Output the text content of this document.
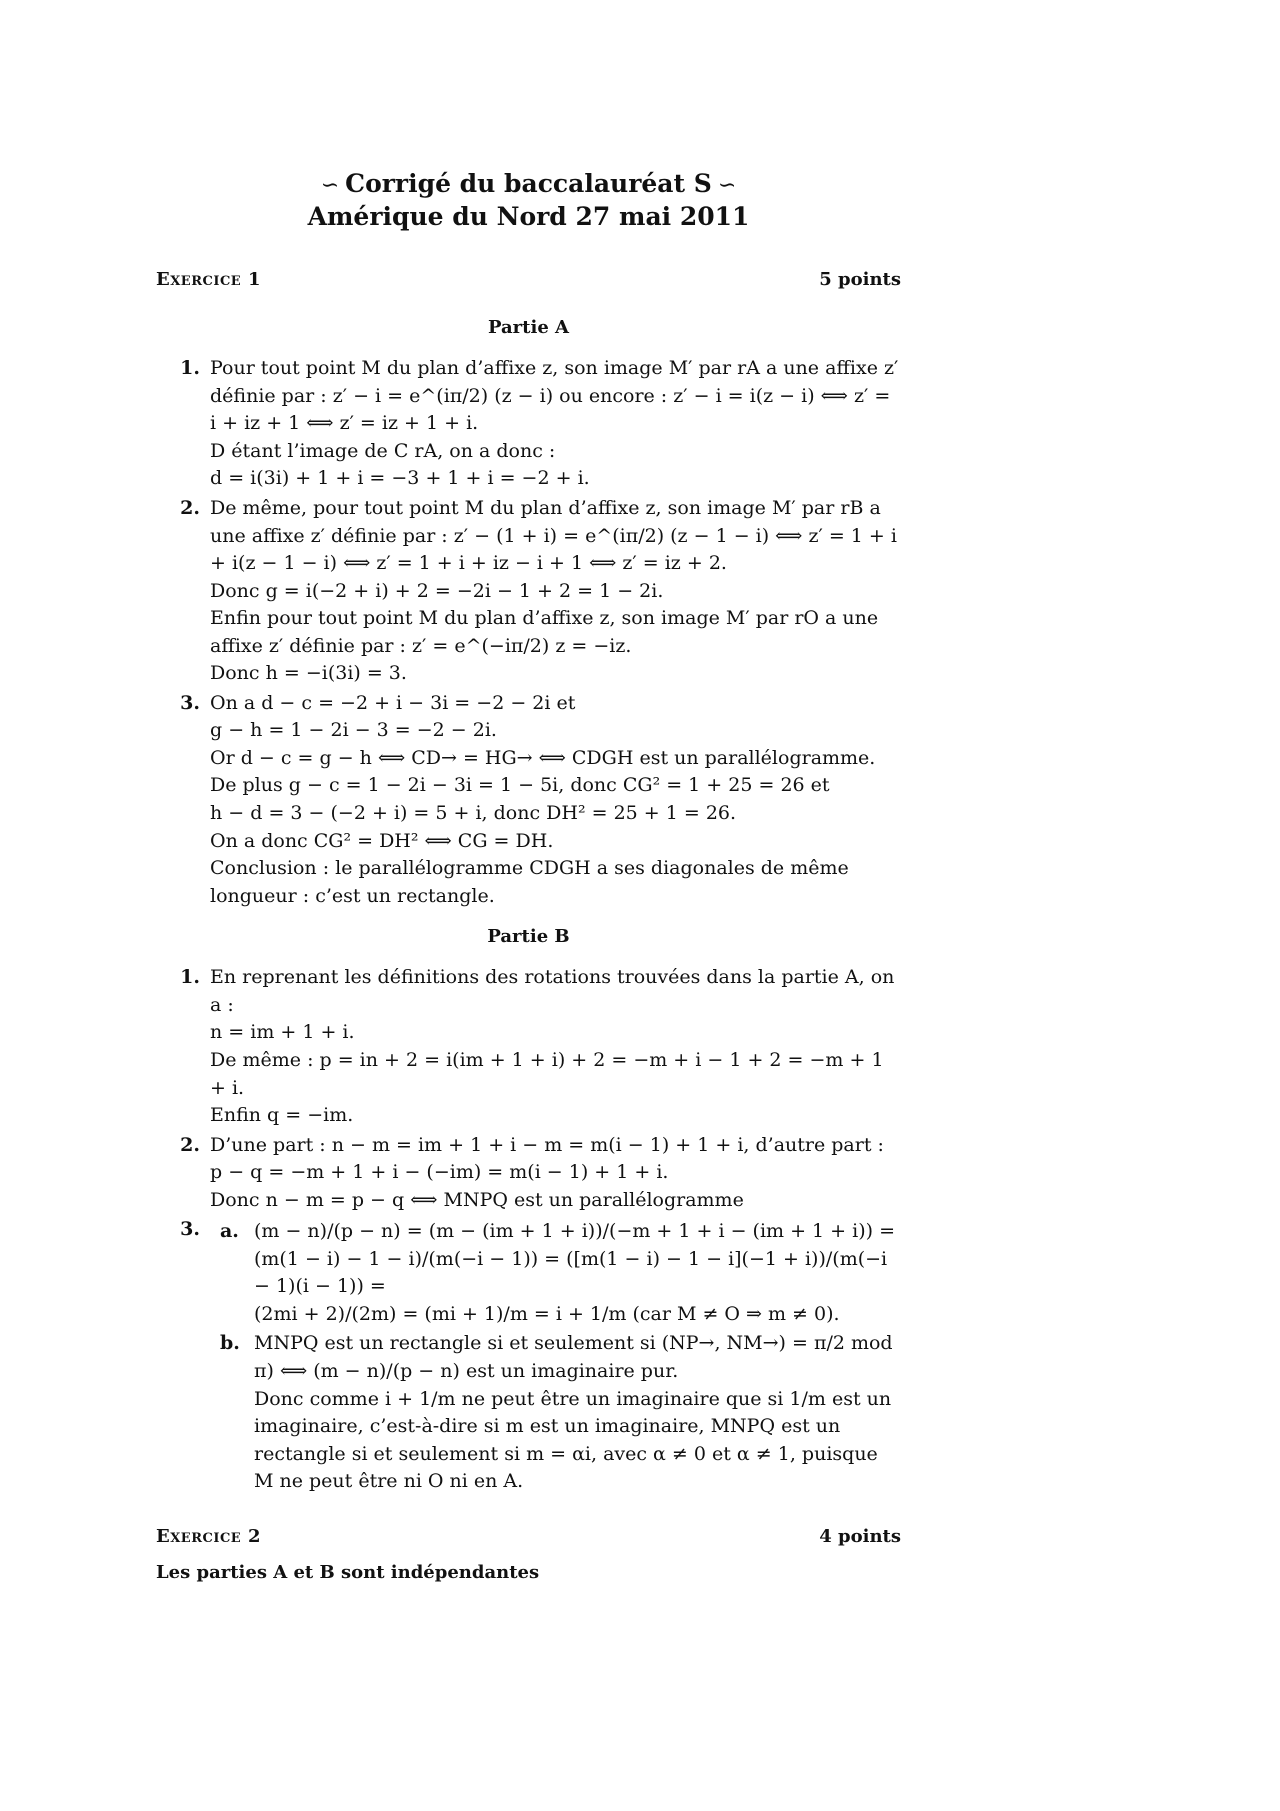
∽ Corrigé du baccalauréat S ∽
Amérique du Nord 27 mai 2011
Exercice 1	5 points
Partie A
1. Pour tout point M du plan d’affixe z, son image M′ par rA a une affixe z′ définie par : z′ − i = e^(iπ/2) (z − i) ou encore : z′ − i = i(z − i) ⟺ z′ = i + iz + 1 ⟺ z′ = iz + 1 + i.

D étant l’image de C rA, on a donc :

d = i(3i) + 1 + i = −3 + 1 + i = −2 + i.

2. De même, pour tout point M du plan d’affixe z, son image M′ par rB a une affixe z′ définie par : z′ − (1 + i) = e^(iπ/2) (z − 1 − i) ⟺ z′ = 1 + i + i(z − 1 − i) ⟺ z′ = 1 + i + iz − i + 1 ⟺ z′ = iz + 2.

Donc g = i(−2 + i) + 2 = −2i − 1 + 2 = 1 − 2i.

Enfin pour tout point M du plan d’affixe z, son image M′ par rO a une affixe z′ définie par : z′ = e^(−iπ/2) z = −iz.

Donc h = −i(3i) = 3.

3. On a d − c = −2 + i − 3i = −2 − 2i et

g − h = 1 − 2i − 3 = −2 − 2i.

Or d − c = g − h ⟺ CD→ = HG→ ⟺ CDGH est un parallélogramme.

De plus g − c = 1 − 2i − 3i = 1 − 5i, donc CG² = 1 + 25 = 26 et

h − d = 3 − (−2 + i) = 5 + i, donc DH² = 25 + 1 = 26.

On a donc CG² = DH² ⟺ CG = DH.

Conclusion : le parallélogramme CDGH a ses diagonales de même longueur : c’est un rectangle.

Partie B
1. En reprenant les définitions des rotations trouvées dans la partie A, on a :

n = im + 1 + i.

De même : p = in + 2 = i(im + 1 + i) + 2 = −m + i − 1 + 2 = −m + 1 + i.

Enfin q = −im.

2. D’une part : n − m = im + 1 + i − m = m(i − 1) + 1 + i, d’autre part :

p − q = −m + 1 + i − (−im) = m(i − 1) + 1 + i.

Donc n − m = p − q ⟺ MNPQ est un parallélogramme

3.	a. (m − n)/(p − n) = (m − (im + 1 + i))/(−m + 1 + i − (im + 1 + i)) = (m(1 − i) − 1 − i)/(m(−i − 1)) = ([m(1 − i) − 1 − i](−1 + i))/(m(−i − 1)(i − 1)) =

(2mi + 2)/(2m) = (mi + 1)/m = i + 1/m (car M ≠ O ⇒ m ≠ 0).

b. MNPQ est un rectangle si et seulement si (NP→, NM→) = π/2 mod π) ⟺ (m − n)/(p − n) est un imaginaire pur.

Donc comme i + 1/m ne peut être un imaginaire que si 1/m est un imaginaire, c’est-à-dire si m est un imaginaire, MNPQ est un rectangle si et seulement si m = αi, avec α ≠ 0 et α ≠ 1, puisque M ne peut être ni O ni en A.

Exercice 2	4 points
Les parties A et B sont indépendantes
